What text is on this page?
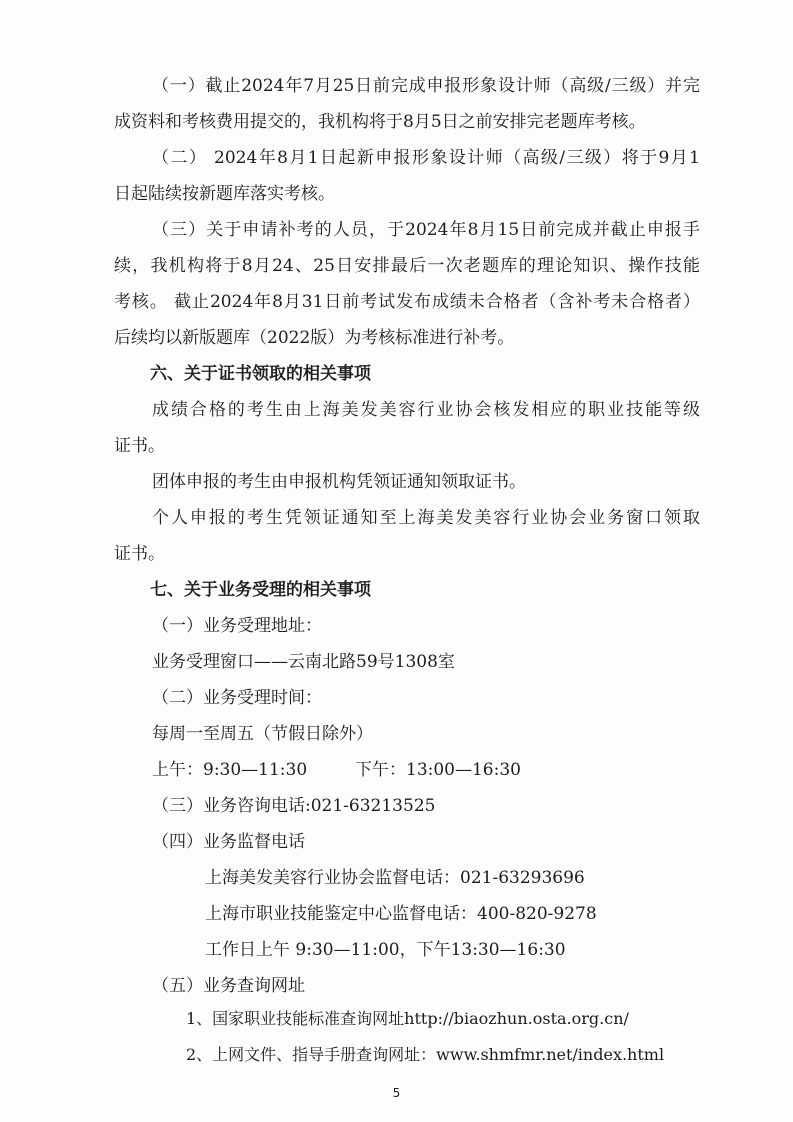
（一）截止2024年7月25日前完成申报形象设计师（高级/三级）并完
成资料和考核费用提交的，我机构将于8月5日之前安排完老题库考核。
（二） 2024年8月1日起新申报形象设计师（高级/三级）将于9月1
日起陆续按新题库落实考核。
（三）关于申请补考的人员，于2024年8月15日前完成并截止申报手
续，我机构将于8月24、25日安排最后一次老题库的理论知识、操作技能
考核。 截止2024年8月31日前考试发布成绩未合格者（含补考未合格者）
后续均以新版题库（2022版）为考核标准进行补考。
六、关于证书领取的相关事项
成绩合格的考生由上海美发美容行业协会核发相应的职业技能等级
证书。
团体申报的考生由申报机构凭领证通知领取证书。
个人申报的考生凭领证通知至上海美发美容行业协会业务窗口领取
证书。
七、关于业务受理的相关事项
（一）业务受理地址：
业务受理窗口——云南北路59号1308室
（二）业务受理时间：
每周一至周五（节假日除外）
上午：9:30—11:30	下午：13:00—16:30
（三）业务咨询电话:021-63213525
（四）业务监督电话
上海美发美容行业协会监督电话：021-63293696
上海市职业技能鉴定中心监督电话：400-820-9278
工作日上午 9:30—11:00，下午13:30—16:30
（五）业务查询网址
1、国家职业技能标准查询网址http://biaozhun.osta.org.cn/
2、上网文件、指导手册查询网址：www.shmfmr.net/index.html
5
